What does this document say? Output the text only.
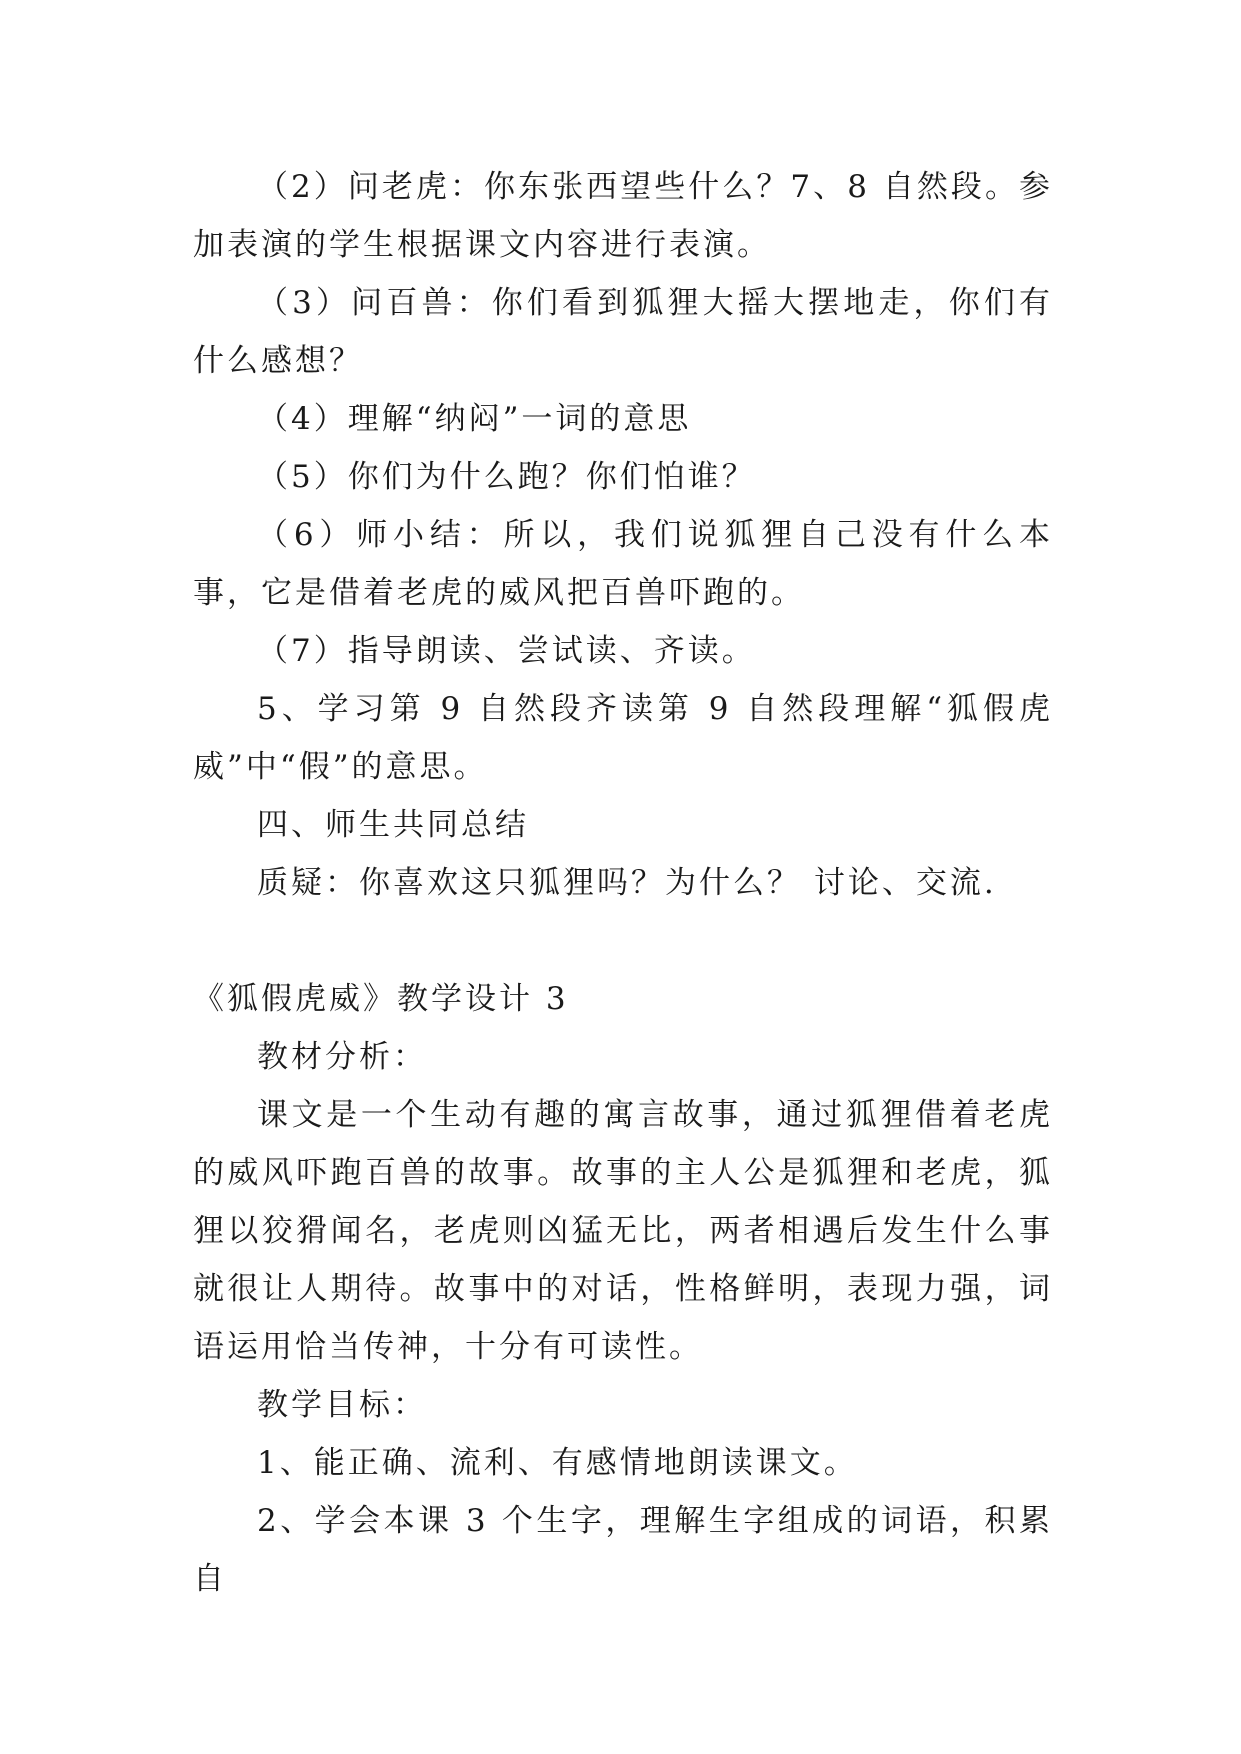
（2）问老虎：你东张西望些什么？7、8 自然段。参加表演的学生根据课文内容进行表演。

（3）问百兽：你们看到狐狸大摇大摆地走，你们有什么感想？

（4）理解“纳闷”一词的意思

（5）你们为什么跑？你们怕谁？

（6）师小结：所以，我们说狐狸自己没有什么本事，它是借着老虎的威风把百兽吓跑的。

（7）指导朗读、尝试读、齐读。

5、学习第 9 自然段齐读第 9 自然段理解“狐假虎威”中“假”的意思。

四、师生共同总结

质疑：你喜欢这只狐狸吗？为什么？ 讨论、交流.

《狐假虎威》教学设计 3

教材分析：

课文是一个生动有趣的寓言故事，通过狐狸借着老虎的威风吓跑百兽的故事。故事的主人公是狐狸和老虎，狐狸以狡猾闻名，老虎则凶猛无比，两者相遇后发生什么事就很让人期待。故事中的对话，性格鲜明，表现力强，词语运用恰当传神，十分有可读性。

教学目标：

1、能正确、流利、有感情地朗读课文。

2、学会本课 3 个生字，理解生字组成的词语，积累自
